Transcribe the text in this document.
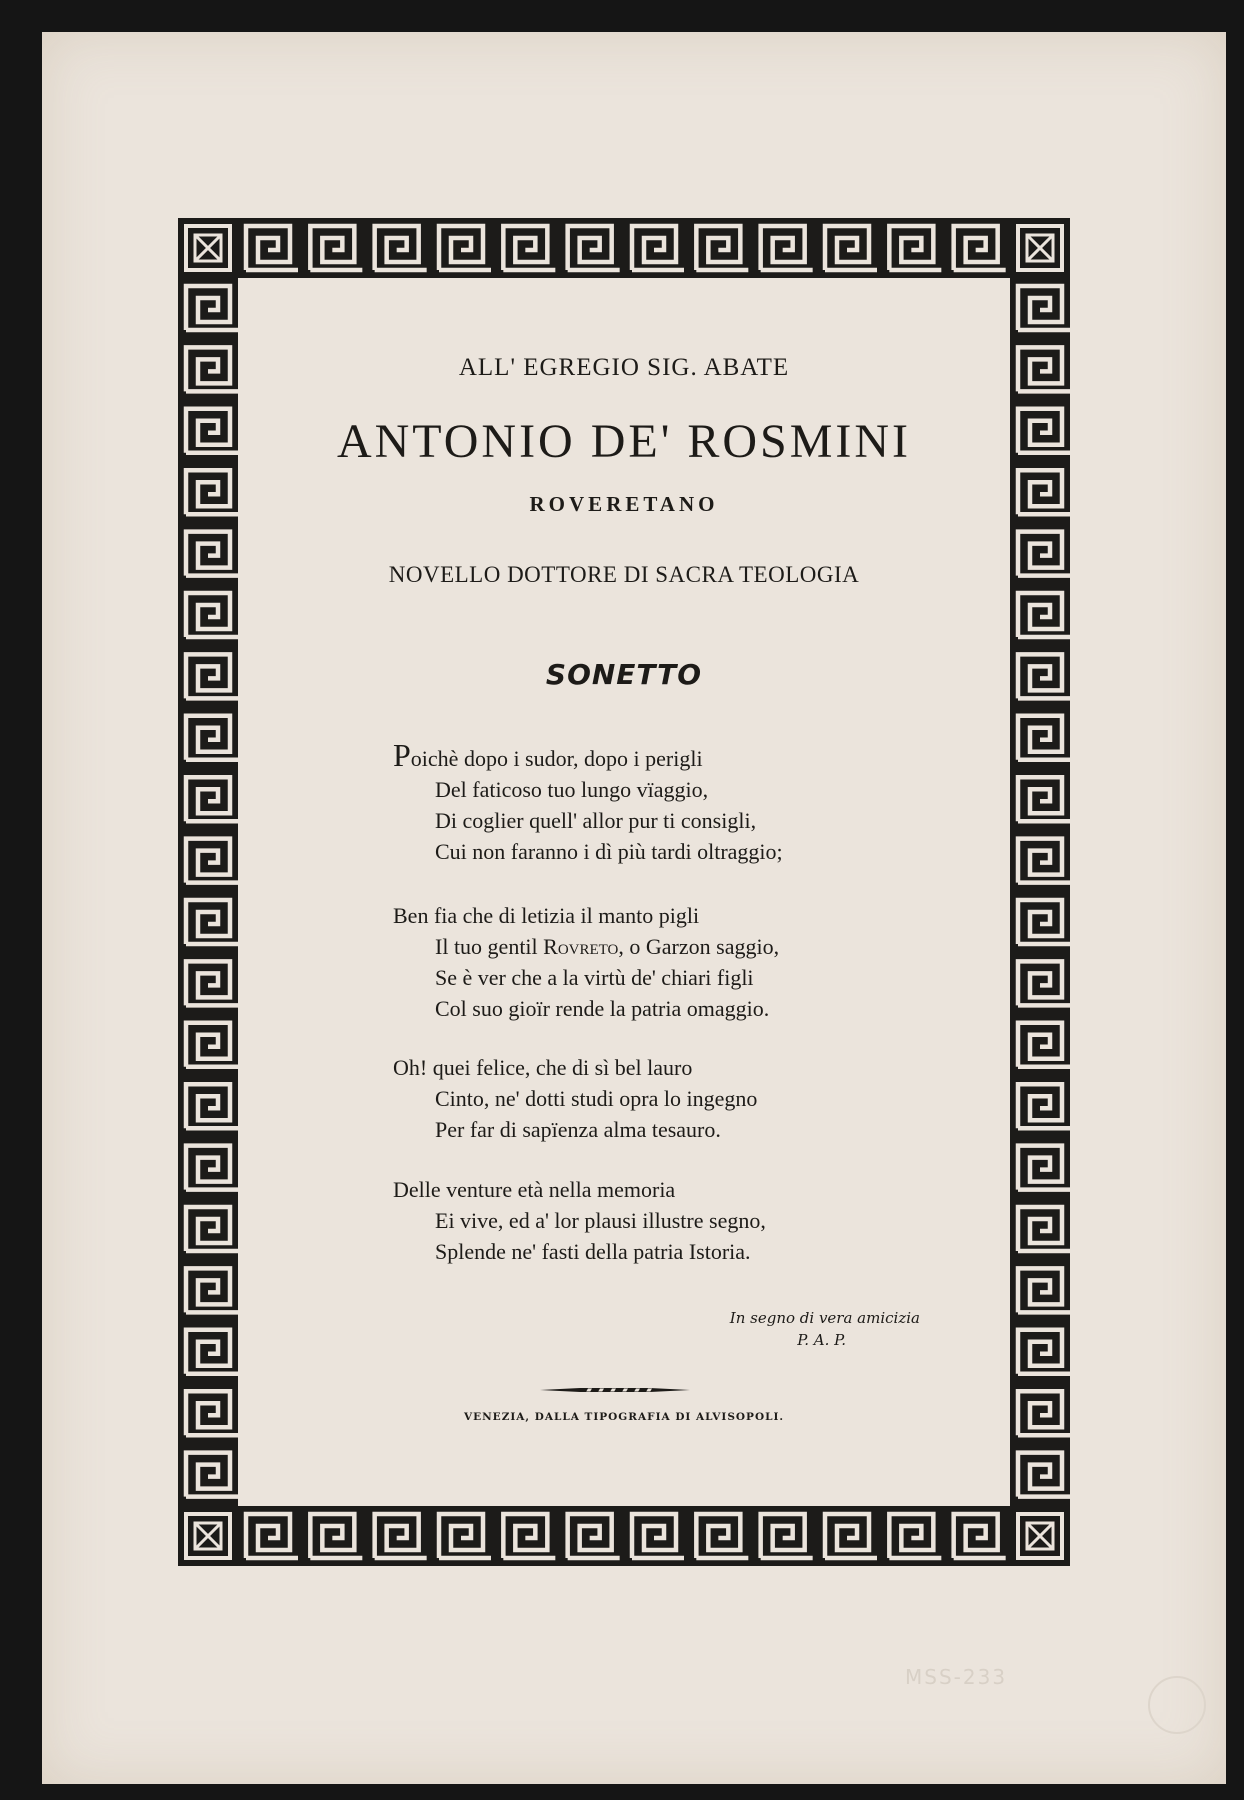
ALL' EGREGIO SIG. ABATE
ANTONIO DE' ROSMINI
ROVERETANO
NOVELLO DOTTORE DI SACRA TEOLOGIA
SONETTO
Poichè dopo i sudor, dopo i perigli
Del faticoso tuo lungo vïaggio,
Di coglier quell' allor pur ti consigli,
Cui non faranno i dì più tardi oltraggio;
Ben fia che di letizia il manto pigli
Il tuo gentil Rovreto, o Garzon saggio,
Se è ver che a la virtù de' chiari figli
Col suo gioïr rende la patria omaggio.
Oh! quei felice, che di sì bel lauro
Cinto, ne' dotti studi opra lo ingegno
Per far di sapïenza alma tesauro.
Delle venture età nella memoria
Ei vive, ed a' lor plausi illustre segno,
Splende ne' fasti della patria Istoria.
In segno di vera amicizia
P. A. P.
VENEZIA, DALLA TIPOGRAFIA DI ALVISOPOLI.
MSS-233
